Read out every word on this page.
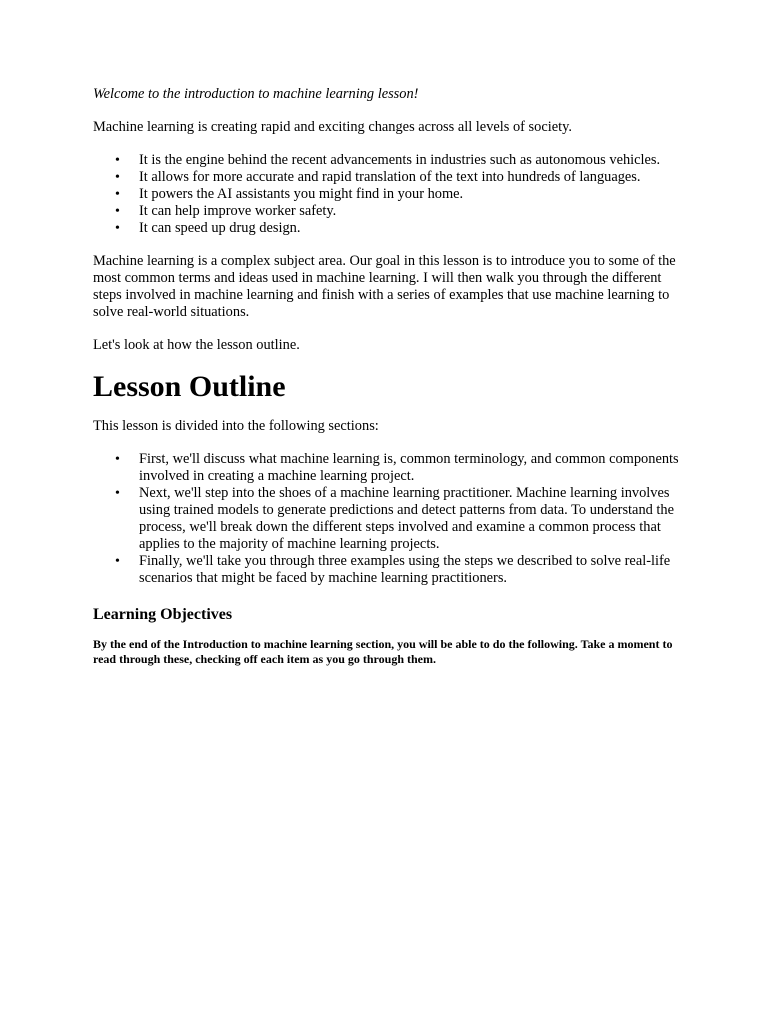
Welcome to the introduction to machine learning lesson!

Machine learning is creating rapid and exciting changes across all levels of society.

• It is the engine behind the recent advancements in industries such as autonomous vehicles.
• It allows for more accurate and rapid translation of the text into hundreds of languages.
• It powers the AI assistants you might find in your home.
• It can help improve worker safety.
• It can speed up drug design.

Machine learning is a complex subject area. Our goal in this lesson is to introduce you to some of the most common terms and ideas used in machine learning. I will then walk you through the different steps involved in machine learning and finish with a series of examples that use machine learning to solve real-world situations.

Let's look at how the lesson outline.

Lesson Outline

This lesson is divided into the following sections:

• First, we'll discuss what machine learning is, common terminology, and common components involved in creating a machine learning project.
• Next, we'll step into the shoes of a machine learning practitioner. Machine learning involves using trained models to generate predictions and detect patterns from data. To understand the process, we'll break down the different steps involved and examine a common process that applies to the majority of machine learning projects.
• Finally, we'll take you through three examples using the steps we described to solve real-life scenarios that might be faced by machine learning practitioners.
Learning Objectives

By the end of the Introduction to machine learning section, you will be able to do the following. Take a moment to read through these, checking off each item as you go through them.
